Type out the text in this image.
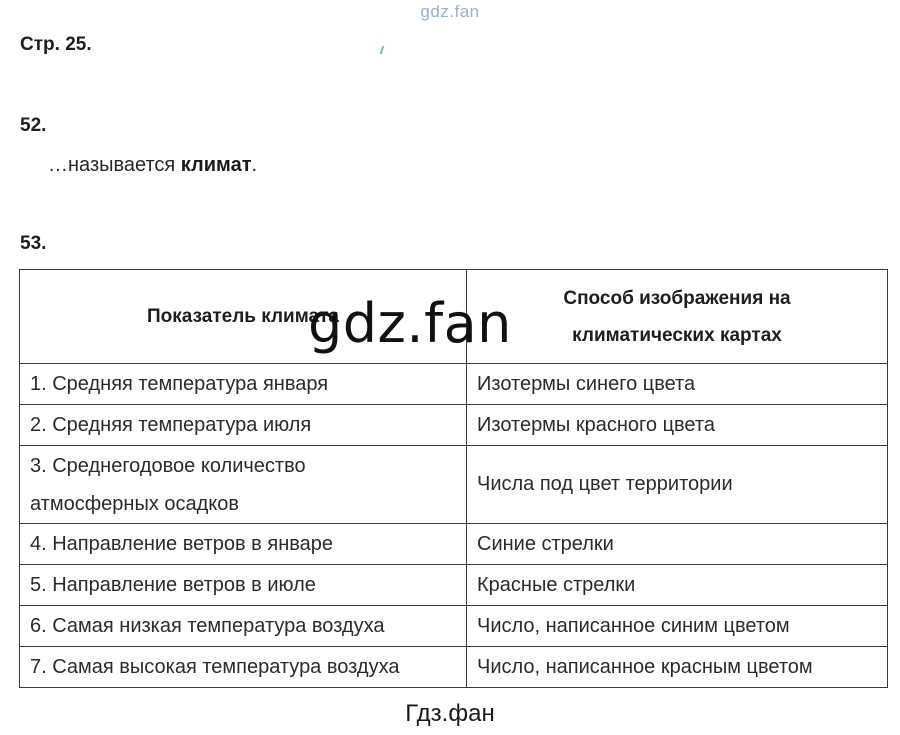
gdz.fan
Стр. 25.
52.
…называется климат.
53.
Показатель климата	Способ изображения на
климатических картах

1. Средняя температура января	Изотермы синего цвета
2. Средняя температура июля	Изотермы красного цвета

3. Среднегодовое количество
атмосферных осадков	Числа под цвет территории
4. Направление ветров в январе	Синие стрелки
5. Направление ветров в июле	Красные стрелки
6. Самая низкая температура воздуха	Число, написанное синим цветом
7. Самая высокая температура воздуха	Число, написанное красным цветом
gdz.fan
Гдз.фан
